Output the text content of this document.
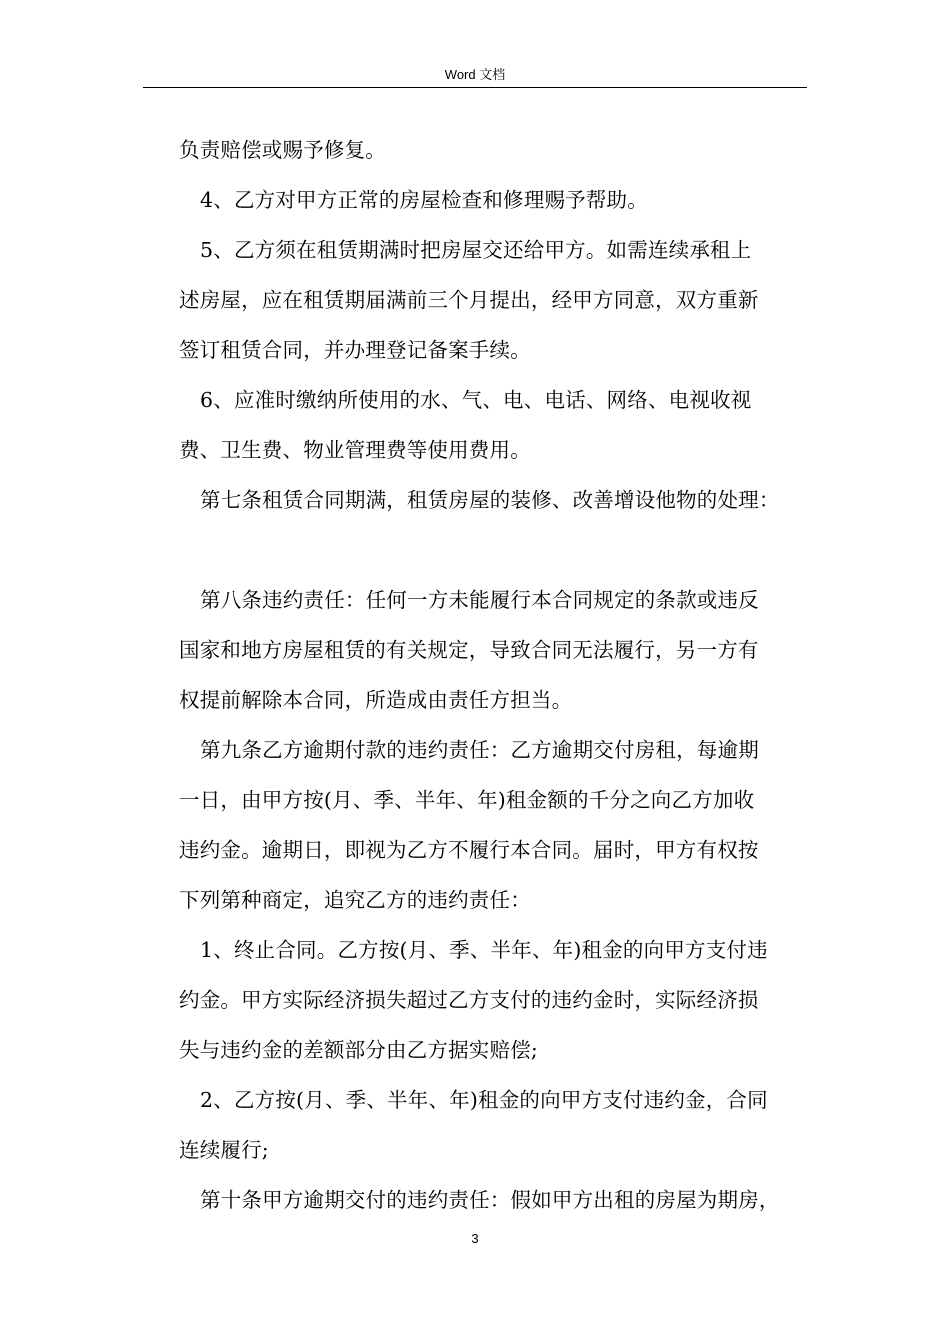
Word 文档
负责赔偿或赐予修复。
4、乙方对甲方正常的房屋检查和修理赐予帮助。
5、乙方须在租赁期满时把房屋交还给甲方。如需连续承租上
述房屋，应在租赁期届满前三个月提出，经甲方同意，双方重新
签订租赁合同，并办理登记备案手续。
6、应准时缴纳所使用的水、气、电、电话、网络、电视收视
费、卫生费、物业管理费等使用费用。
第七条租赁合同期满，租赁房屋的装修、改善增设他物的处理：
第八条违约责任：任何一方未能履行本合同规定的条款或违反
国家和地方房屋租赁的有关规定，导致合同无法履行，另一方有
权提前解除本合同，所造成由责任方担当。
第九条乙方逾期付款的违约责任：乙方逾期交付房租，每逾期
一日，由甲方按(月、季、半年、年)租金额的千分之向乙方加收
违约金。逾期日，即视为乙方不履行本合同。届时，甲方有权按
下列第种商定，追究乙方的违约责任：
1、终止合同。乙方按(月、季、半年、年)租金的向甲方支付违
约金。甲方实际经济损失超过乙方支付的违约金时，实际经济损
失与违约金的差额部分由乙方据实赔偿;
2、乙方按(月、季、半年、年)租金的向甲方支付违约金，合同
连续履行;
第十条甲方逾期交付的违约责任：假如甲方出租的房屋为期房，
3
